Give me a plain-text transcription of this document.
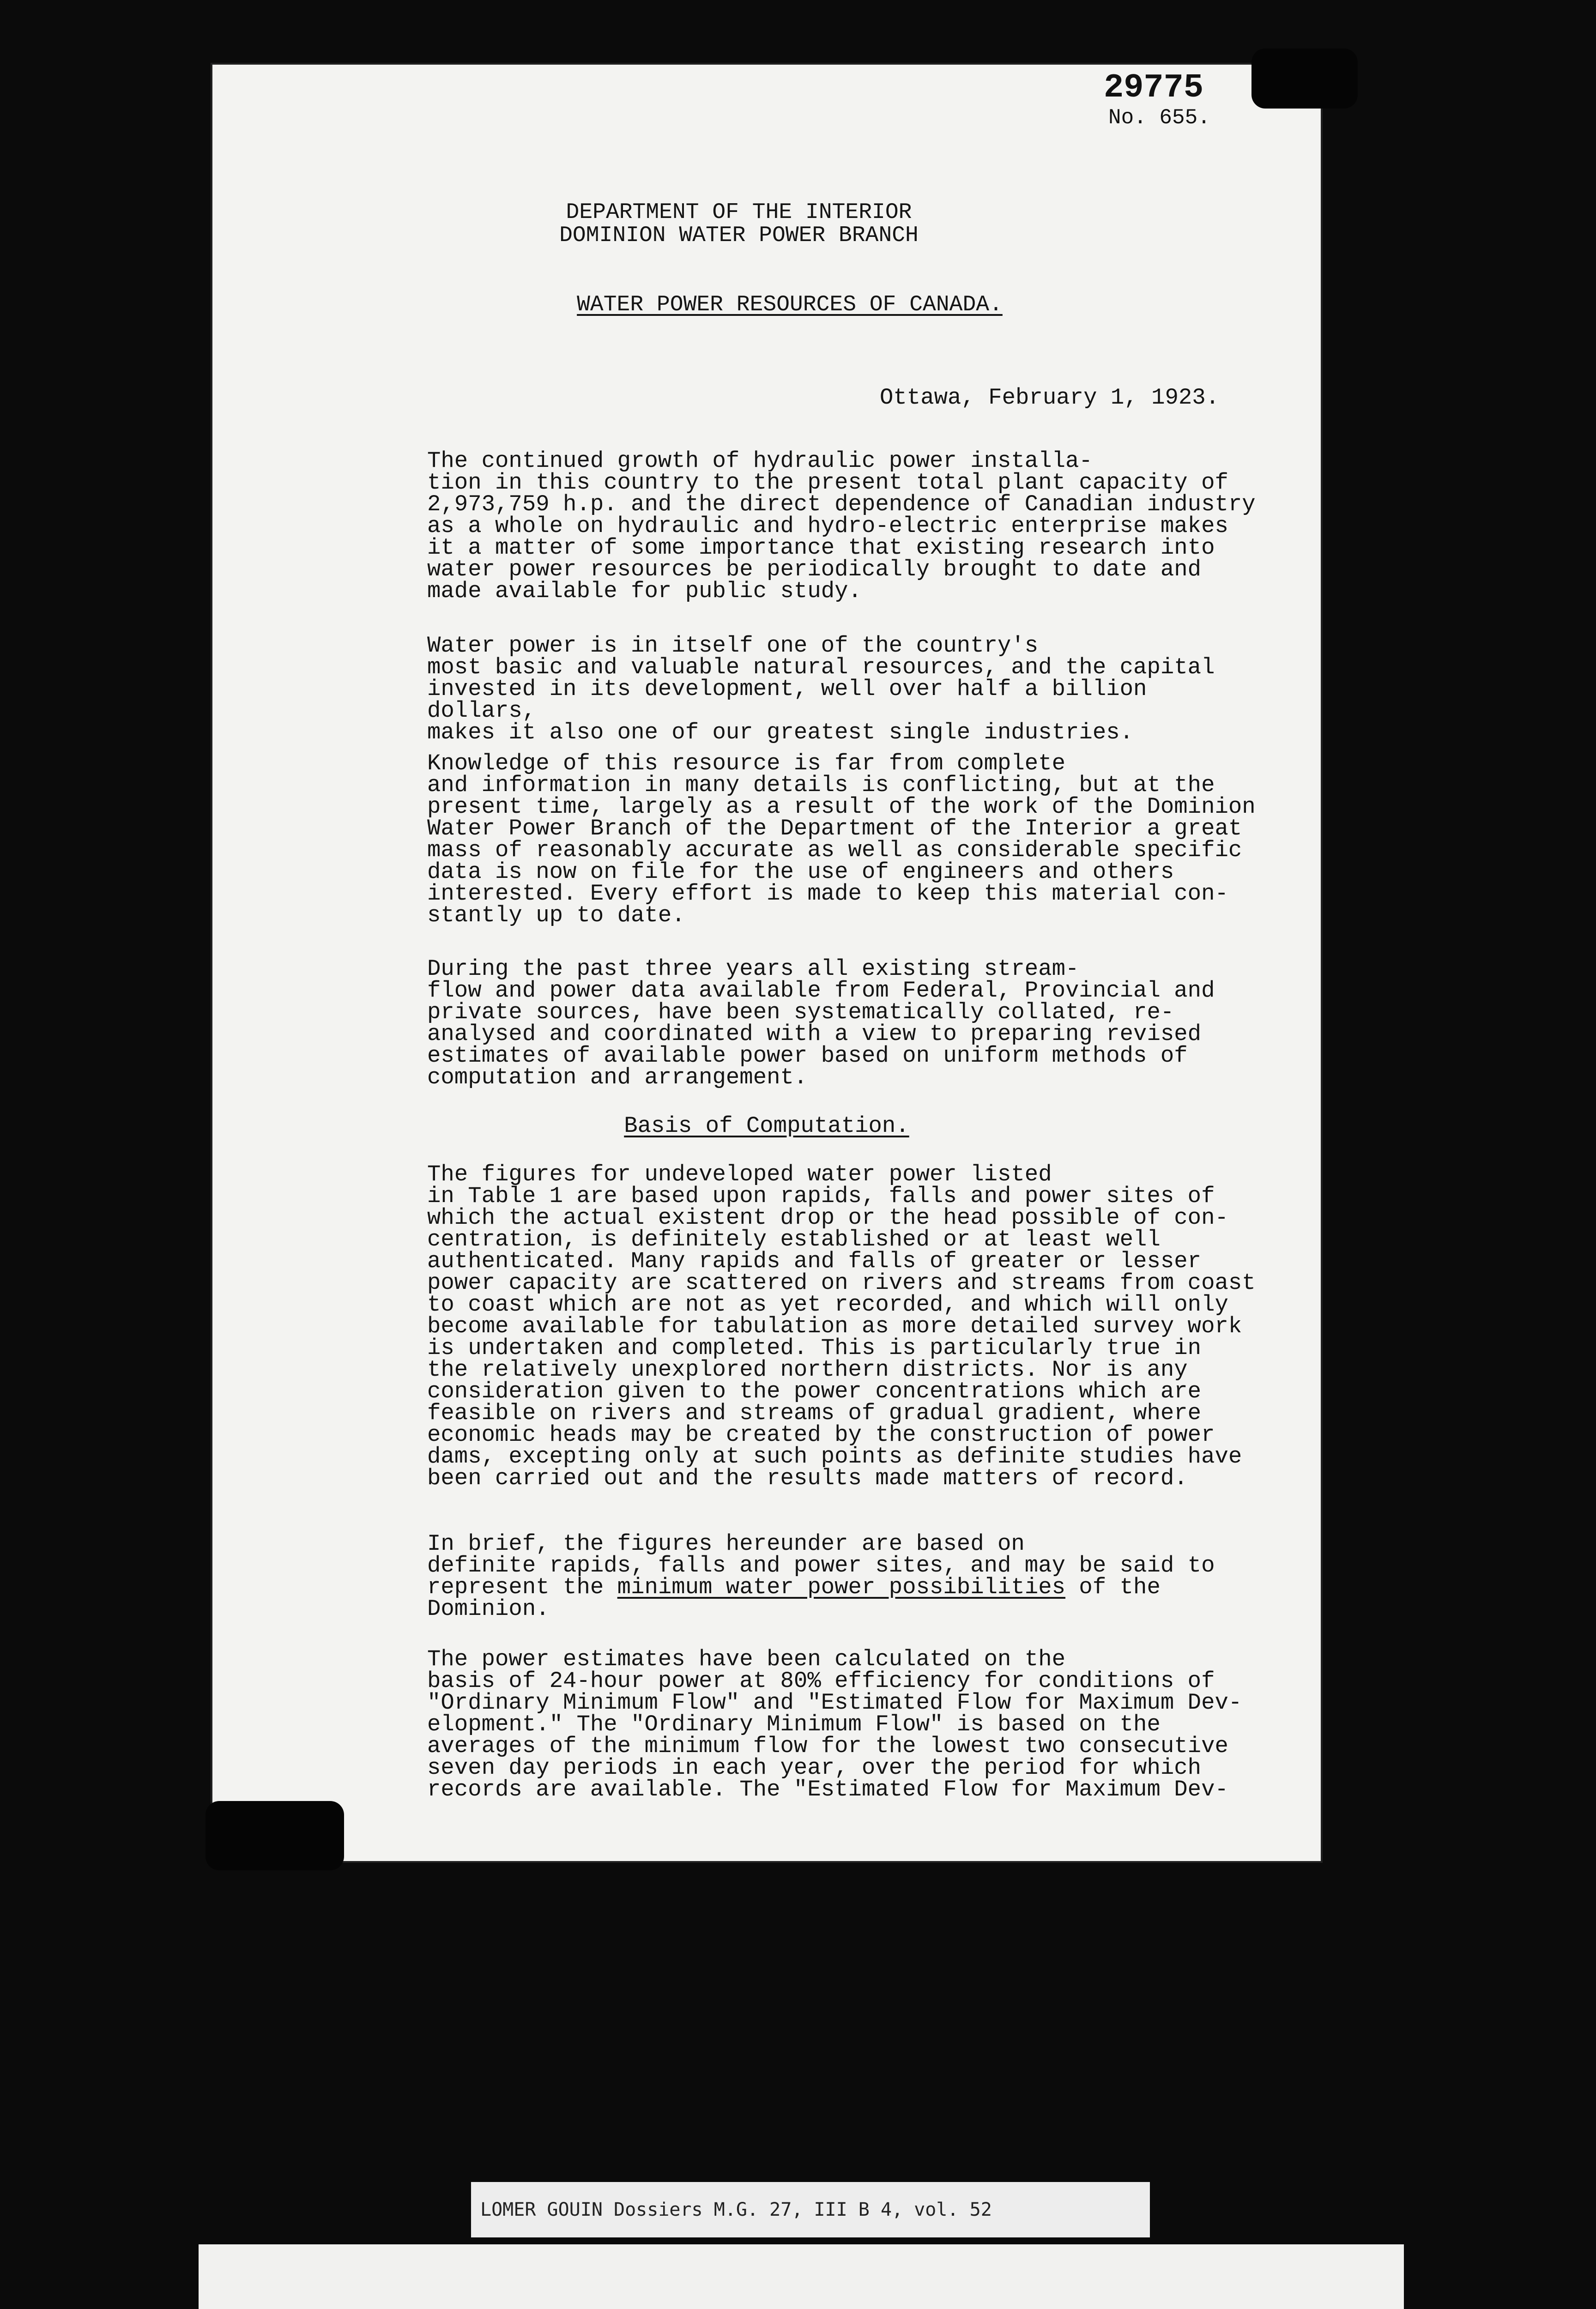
29775
No. 655.
DEPARTMENT OF THE INTERIOR
DOMINION WATER POWER BRANCH
WATER POWER RESOURCES OF CANADA.
Ottawa, February 1, 1923.
The continued growth of hydraulic power installa-
tion in this country to the present total plant capacity of
2,973,759 h.p. and the direct dependence of Canadian industry
as a whole on hydraulic and hydro-electric enterprise makes
it a matter of some importance that existing research into
water power resources be periodically brought to date and
made available for public study.
Water power is in itself one of the country's
most basic and valuable natural resources, and the capital
invested in its development, well over half a billion dollars,
makes it also one of our greatest single industries.
Knowledge of this resource is far from complete
and information in many details is conflicting, but at the
present time, largely as a result of the work of the Dominion
Water Power Branch of the Department of the Interior a great
mass of reasonably accurate as well as considerable specific
data is now on file for the use of engineers and others
interested. Every effort is made to keep this material con-
stantly up to date.
During the past three years all existing stream-
flow and power data available from Federal, Provincial and
private sources, have been systematically collated, re-
analysed and coordinated with a view to preparing revised
estimates of available power based on uniform methods of
computation and arrangement.
Basis of Computation.
The figures for undeveloped water power listed
in Table 1 are based upon rapids, falls and power sites of
which the actual existent drop or the head possible of con-
centration, is definitely established or at least well
authenticated. Many rapids and falls of greater or lesser
power capacity are scattered on rivers and streams from coast
to coast which are not as yet recorded, and which will only
become available for tabulation as more detailed survey work
is undertaken and completed. This is particularly true in
the relatively unexplored northern districts. Nor is any
consideration given to the power concentrations which are
feasible on rivers and streams of gradual gradient, where
economic heads may be created by the construction of power
dams, excepting only at such points as definite studies have
been carried out and the results made matters of record.
In brief, the figures hereunder are based on
definite rapids, falls and power sites, and may be said to
represent the minimum water power possibilities of the
Dominion.
The power estimates have been calculated on the
basis of 24-hour power at 80% efficiency for conditions of
"Ordinary Minimum Flow" and "Estimated Flow for Maximum Dev-
elopment." The "Ordinary Minimum Flow" is based on the
averages of the minimum flow for the lowest two consecutive
seven day periods in each year, over the period for which
records are available. The "Estimated Flow for Maximum Dev-
LOMER GOUIN Dossiers M.G. 27, III B 4, vol. 52
